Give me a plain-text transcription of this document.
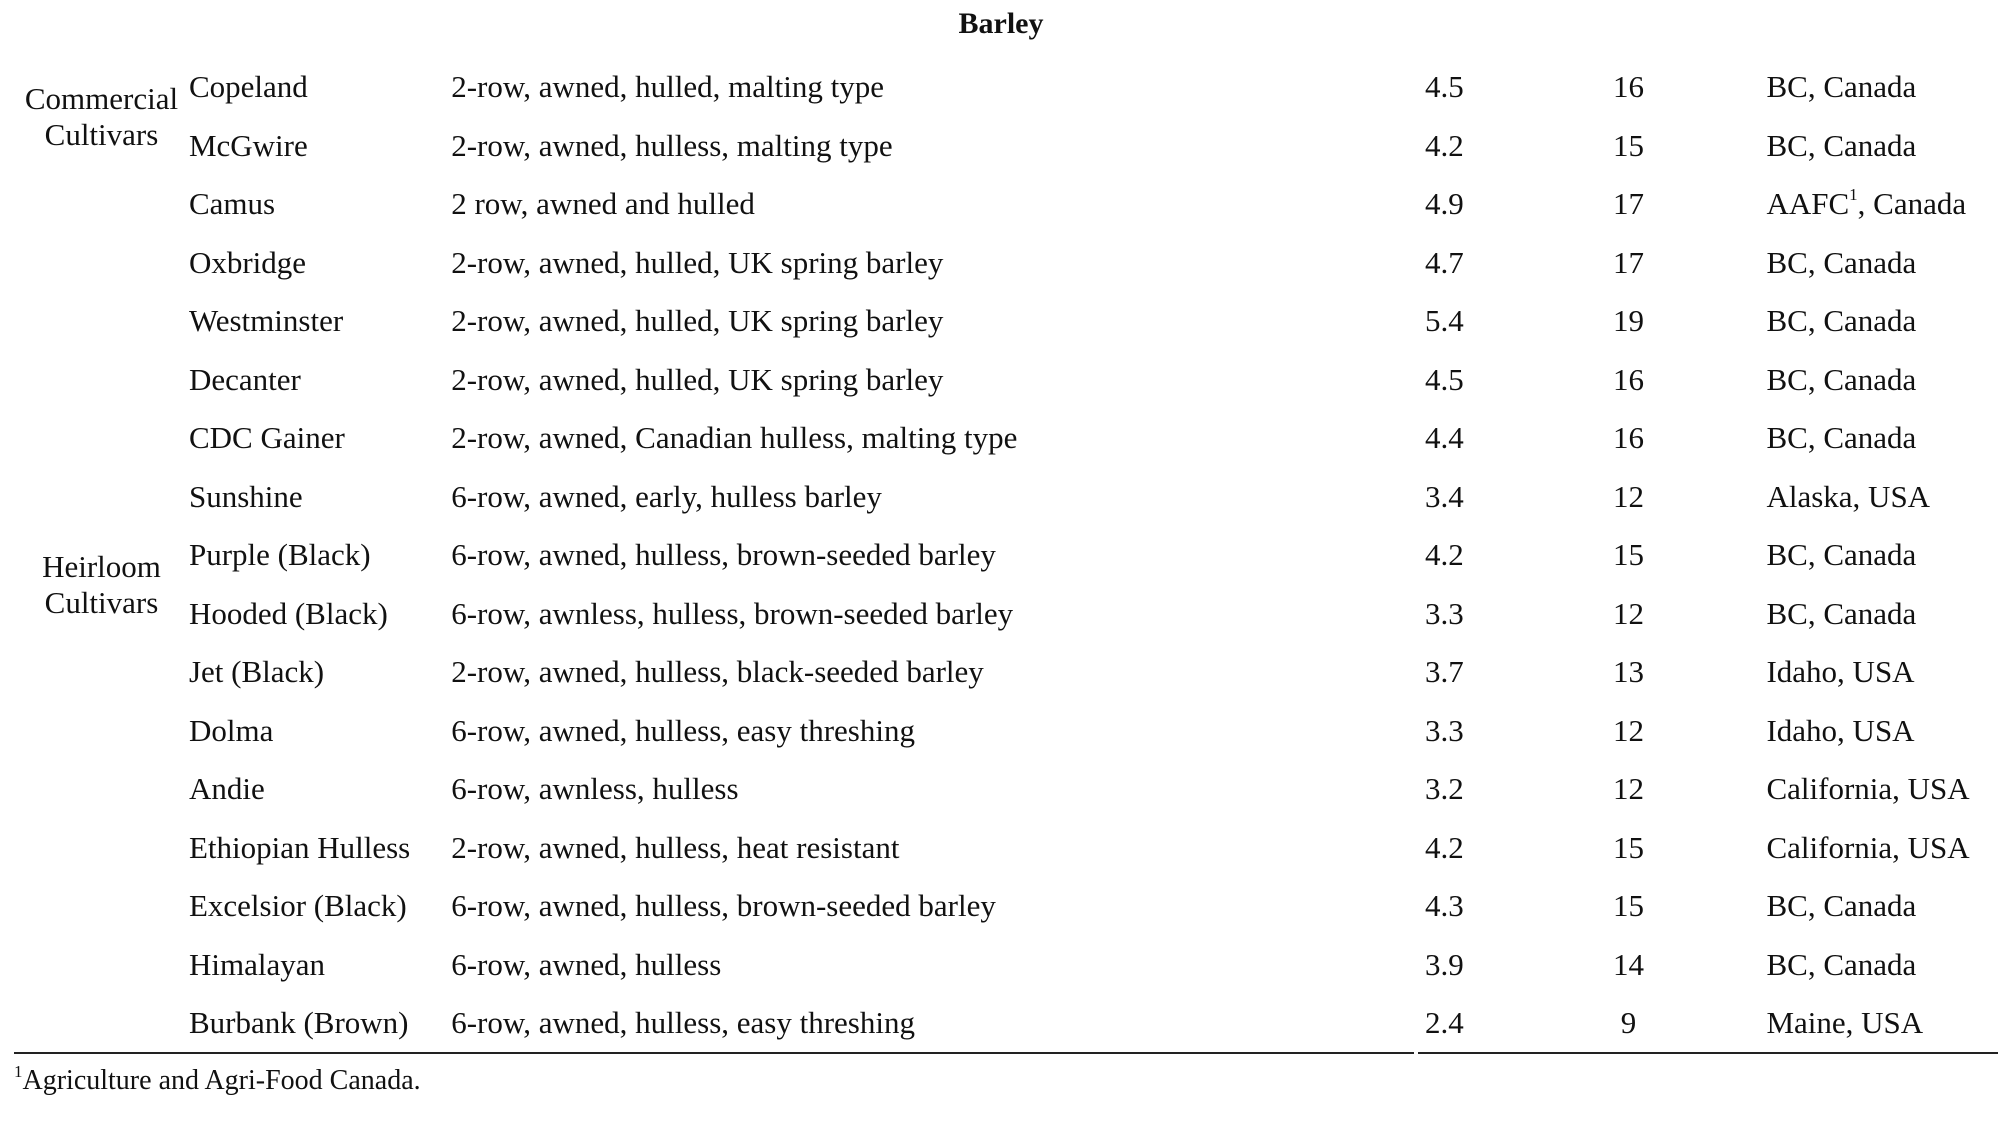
Barley
Commercial
Cultivars	Copeland	2-row, awned, hulled, malting type	4.5	16	BC, Canada
	McGwire	2-row, awned, hulless, malting type	4.2	15	BC, Canada
	Camus	2 row, awned and hulled	4.9	17	AAFC$^1$, Canada
	Oxbridge	2-row, awned, hulled, UK spring barley	4.7	17	BC, Canada
	Westminster	2-row, awned, hulled, UK spring barley	5.4	19	BC, Canada
	Decanter	2-row, awned, hulled, UK spring barley	4.5	16	BC, Canada
	CDC Gainer	2-row, awned, Canadian hulless, malting type	4.4	16	BC, Canada
	Sunshine	6-row, awned, early, hulless barley	3.4	12	Alaska, USA
Heirloom
Cultivars	Purple (Black)	6-row, awned, hulless, brown-seeded barley	4.2	15	BC, Canada
	Hooded (Black)	6-row, awnless, hulless, brown-seeded barley	3.3	12	BC, Canada
	Jet (Black)	2-row, awned, hulless, black-seeded barley	3.7	13	Idaho, USA
	Dolma	6-row, awned, hulless, easy threshing	3.3	12	Idaho, USA
	Andie	6-row, awnless, hulless	3.2	12	California, USA
	Ethiopian Hulless	2-row, awned, hulless, heat resistant	4.2	15	California, USA
	Excelsior (Black)	6-row, awned, hulless, brown-seeded barley	4.3	15	BC, Canada
	Himalayan	6-row, awned, hulless	3.9	14	BC, Canada
	Burbank (Brown)	6-row, awned, hulless, easy threshing	2.4	9	Maine, USA
$^1$Agriculture and Agri-Food Canada.
